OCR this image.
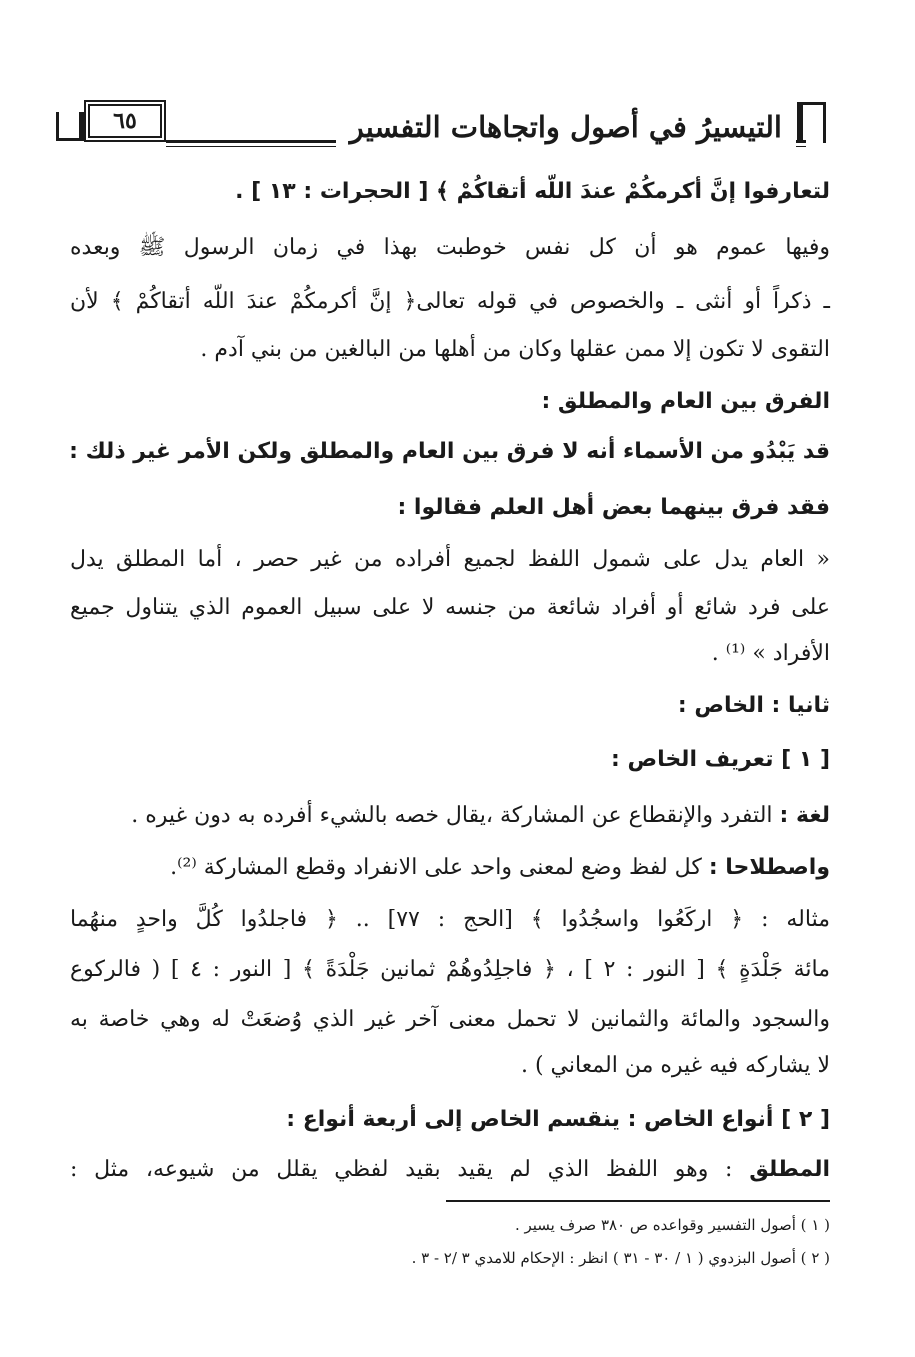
التيسيرُ في أصول واتجاهات التفسير
٦٥
لتعارفوا إنَّ أكرمكُمْ عندَ اللّه أتقاكُمْ ﴾ [ الحجرات : ١٣ ] .
وفيها عموم هو أن كل نفس خوطبت بهذا في زمان الرسول ﷺ وبعده
ـ ذكراً أو أنثى ـ والخصوص في قوله تعالى﴿ إنَّ أكرمكُمْ عندَ اللّه أتقاكُمْ ﴾ لأن
التقوى لا تكون إلا ممن عقلها وكان من أهلها من البالغين من بني آدم .
الفرق بين العام والمطلق :
قد يَبْدُو من الأسماء أنه لا فرق بين العام والمطلق ولكن الأمر غير ذلك :
فقد فرق بينهما بعض أهل العلم فقالوا :
« العام يدل على شمول اللفظ لجميع أفراده من غير حصر ، أما المطلق يدل
على فرد شائع أو أفراد شائعة من جنسه لا على سبيل العموم الذي يتناول جميع
الأفراد » ⁽¹⁾ .
ثانيا : الخاص :
[ ١ ] تعريف الخاص :
لغة : التفرد والإنقطاع عن المشاركة ،يقال خصه بالشيء أفرده به دون غيره .
واصطلاحا : كل لفظ وضع لمعنى واحد على الانفراد وقطع المشاركة ⁽²⁾.
مثاله : ﴿ اركَعُوا واسجُدُوا ﴾ [الحج : ٧٧] .. ﴿ فاجلدُوا كُلَّ واحدٍ منهُما
مائة جَلْدَةٍ ﴾ [ النور : ٢ ] ، ﴿ فاجلِدُوهُمْ ثمانين جَلْدَةً ﴾ [ النور : ٤ ] ( فالركوع
والسجود والمائة والثمانين لا تحمل معنى آخر غير الذي وُضعَتْ له وهي خاصة به
لا يشاركه فيه غيره من المعاني ) .
[ ٢ ] أنواع الخاص : ينقسم الخاص إلى أربعة أنواع :
المطلق : وهو اللفظ الذي لم يقيد بقيد لفظي يقلل من شيوعه، مثل :
( ١ ) أصول التفسير وقواعده ص ٣٨٠ صرف يسير .
( ٢ ) أصول البزدوي ( ١ / ٣٠ - ٣١ ) انظر : الإحكام للامدي ٣ /٢ - ٣ .
